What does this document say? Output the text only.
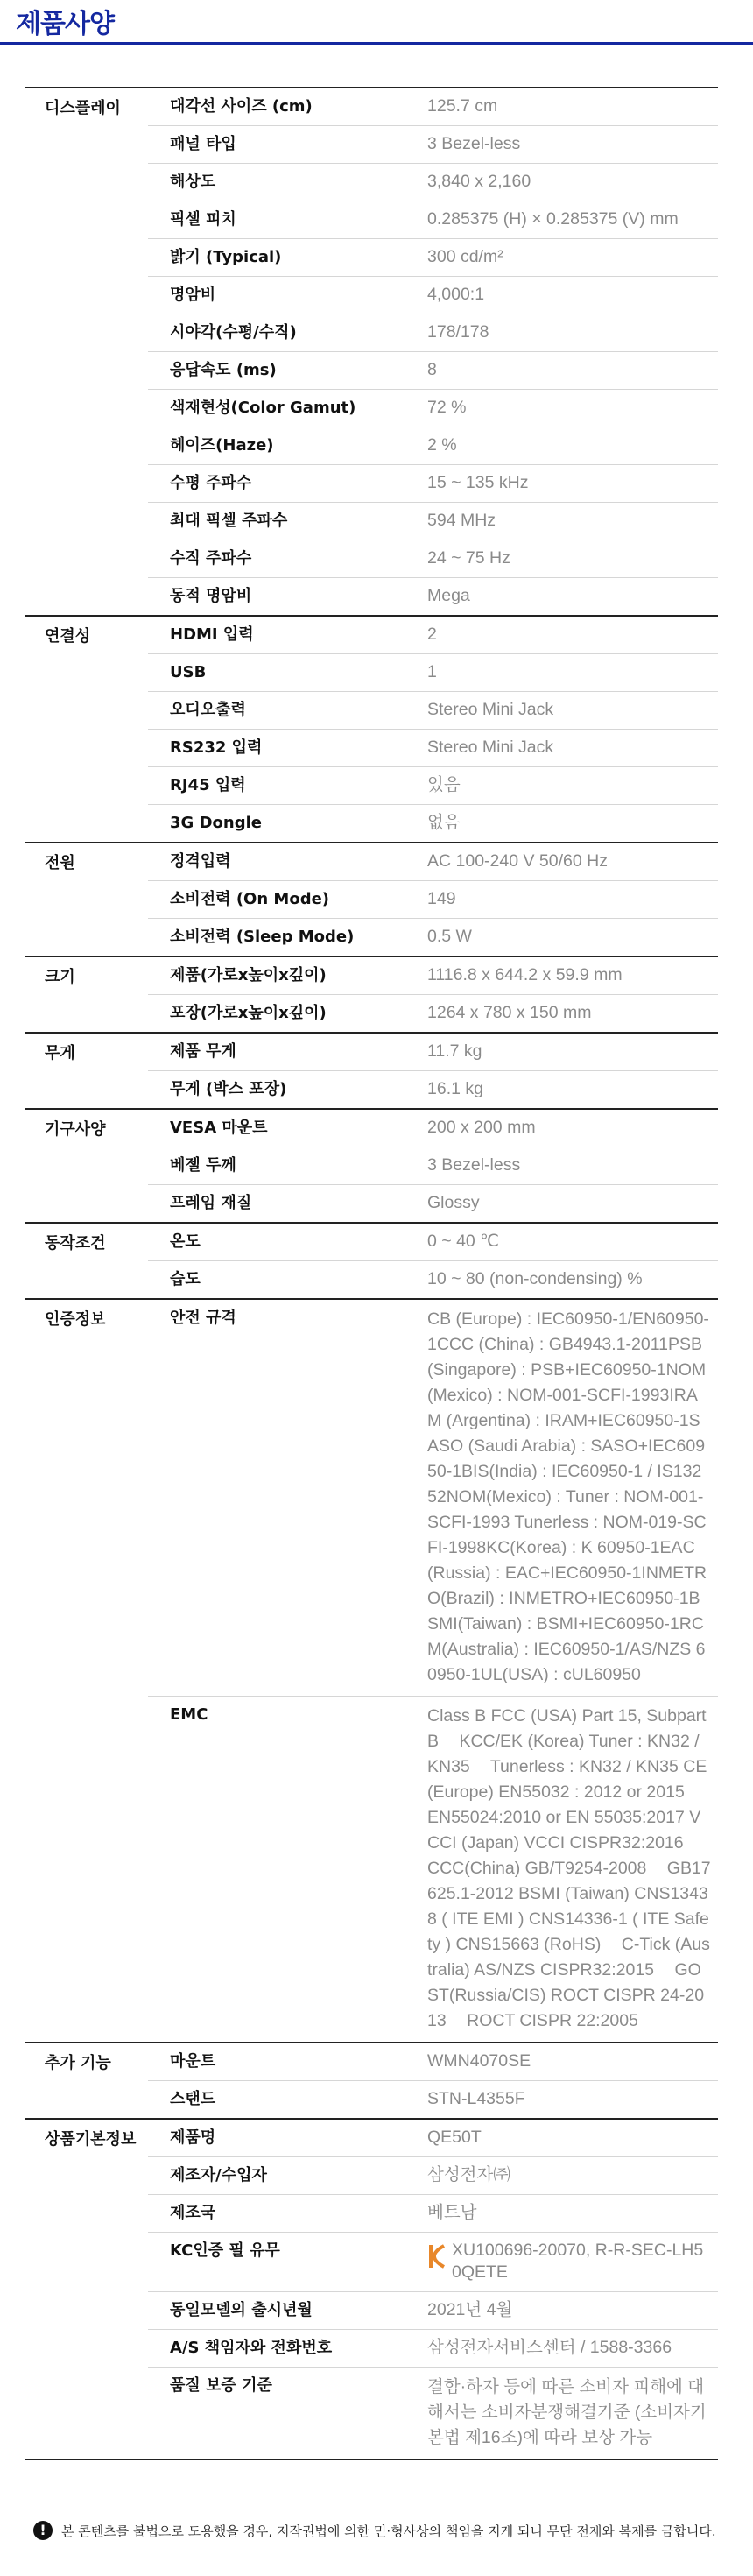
제품사양
디스플레이	대각선 사이즈 (cm)	125.7 cm
패널 타입	3 Bezel-less
해상도	3,840 x 2,160
픽셀 피치	0.285375 (H) × 0.285375 (V) mm
밝기 (Typical)	300 cd/m²
명암비	4,000:1
시야각(수평/수직)	178/178
응답속도 (ms)	8
색재현성(Color Gamut)	72 %
헤이즈(Haze)	2 %
수평 주파수	15 ~ 135 kHz
최대 픽셀 주파수	594 MHz
수직 주파수	24 ~ 75 Hz
동적 명암비	Mega
연결성	HDMI 입력	2
USB	1
오디오출력	Stereo Mini Jack
RS232 입력	Stereo Mini Jack
RJ45 입력	있음
3G Dongle	없음
전원	정격입력	AC 100-240 V 50/60 Hz
소비전력 (On Mode)	149
소비전력 (Sleep Mode)	0.5 W
크기	제품(가로x높이x깊이)	1116.8 x 644.2 x 59.9 mm
포장(가로x높이x깊이)	1264 x 780 x 150 mm
무게	제품 무게	11.7 kg
무게 (박스 포장)	16.1 kg
기구사양	VESA 마운트	200 x 200 mm
베젤 두께	3 Bezel-less
프레임 재질	Glossy
동작조건	온도	0 ~ 40 ℃
습도	10 ~ 80 (non-condensing) %
인증정보	안전 규격	CB (Europe) : IEC60950-1/EN60950-1CCC (China) : GB4943.1-2011PSB (Singapore) : PSB+IEC60950-1NOM (Mexico) : NOM-001-SCFI-1993IRAM (Argentina) : IRAM+IEC60950-1SASO (Saudi Arabia) : SASO+IEC60950-1BIS(India) : IEC60950-1 / IS13252NOM(Mexico) : Tuner : NOM-001-SCFI-1993 Tunerless : NOM-019-SCFI-1998KC(Korea) : K 60950-1EAC(Russia) : EAC+IEC60950-1INMETRO(Brazil) : INMETRO+IEC60950-1BSMI(Taiwan) : BSMI+IEC60950-1RCM(Australia) : IEC60950-1/AS/NZS 60950-1UL(USA) : cUL60950
EMC	Class B FCC (USA) Part 15, Subpart B KCC/EK (Korea) Tuner : KN32 / KN35 Tunerless : KN32 / KN35 CE (Europe) EN55032 : 2012 or 2015 EN55024:2010 or EN 55035:2017 VCCI (Japan) VCCI CISPR32:2016 CCC(China) GB/T9254-2008 GB17625.1-2012 BSMI (Taiwan) CNS13438 ( ITE EMI ) CNS14336-1 ( ITE Safety ) CNS15663 (RoHS) C-Tick (Australia) AS/NZS CISPR32:2015 GOST(Russia/CIS) ROCT CISPR 24-2013 ROCT CISPR 22:2005
추가 기능	마운트	WMN4070SE
스탠드	STN-L4355F
상품기본정보	제품명	QE50T
제조자/수입자	삼성전자㈜
제조국	베트남
KC인증 필 유무	XU100696-20070, R-R-SEC-LH50QETE
동일모델의 출시년월	2021년 4월
A/S 책임자와 전화번호	삼성전자서비스센터 / 1588-3366
품질 보증 기준	결함·하자 등에 따른 소비자 피해에 대해서는 소비자분쟁해결기준 (소비자기본법 제16조)에 따라 보상 가능
!	본 콘텐츠를 불법으로 도용했을 경우, 저작권법에 의한 민·형사상의 책임을 지게 되니 무단 전재와 복제를 금합니다.
